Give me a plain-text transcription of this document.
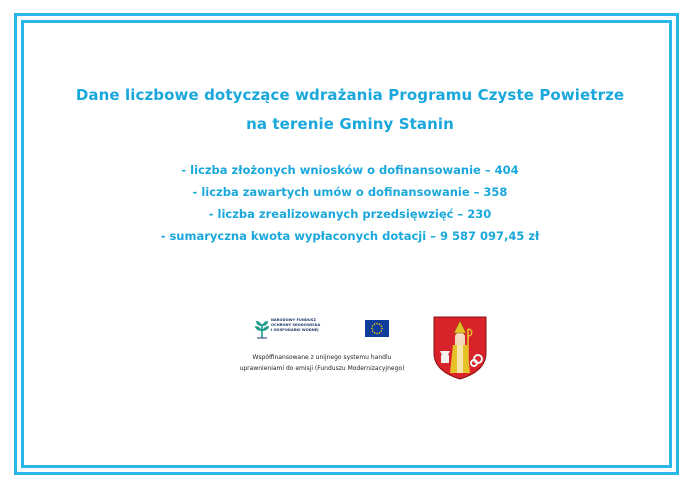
Dane liczbowe dotyczące wdrażania Programu Czyste Powietrze
na terenie Gminy Stanin
- liczba złożonych wniosków o dofinansowanie – 404
- liczba zawartych umów o dofinansowanie – 358
- liczba zrealizowanych przedsięwzięć – 230
- sumaryczna kwota wypłaconych dotacji – 9 587 097,45 zł
NARODOWY FUNDUSZ
OCHRONY ŚRODOWISKA
I GOSPODARKI WODNEJ
Współfinansowane z unijnego systemu handlu
uprawnieniami do emisji (Funduszu Modernizacyjnego)
